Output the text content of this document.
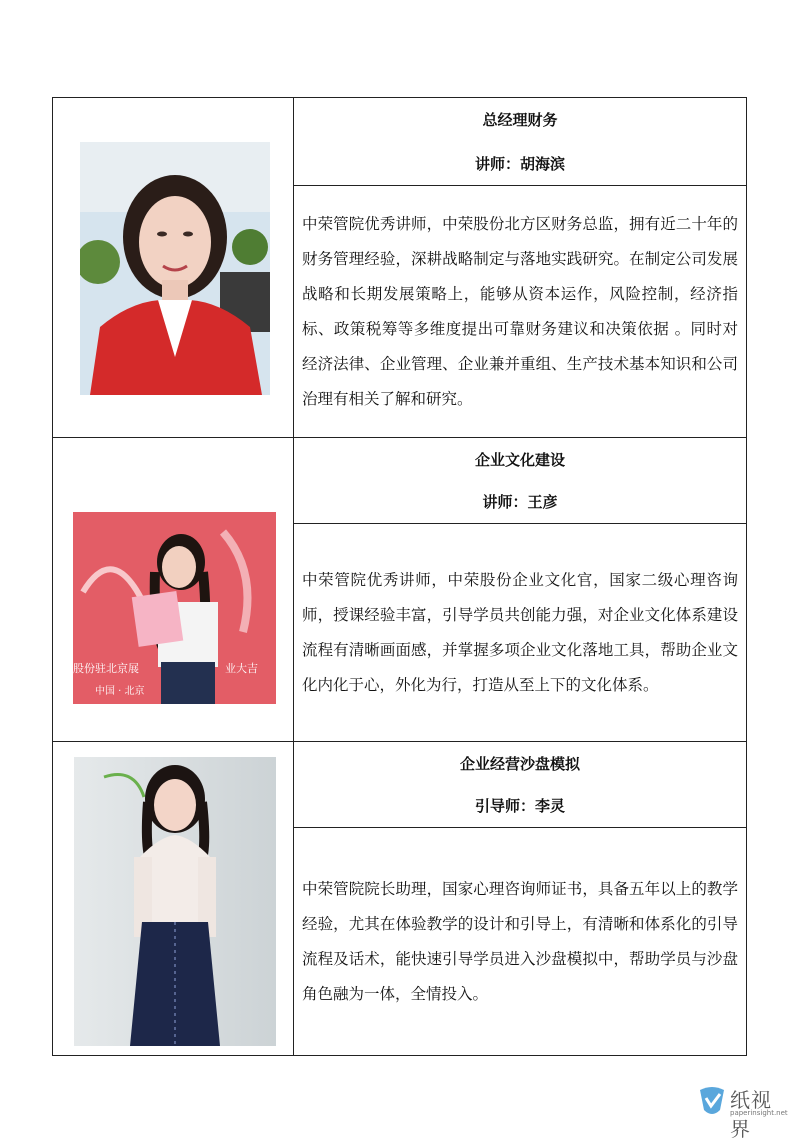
总经理财务
讲师：胡海滨
中荣管院优秀讲师，中荣股份北方区财务总监，拥有近二十年的财务管理经验，深耕战略制定与落地实践研究。在制定公司发展战略和长期发展策略上，能够从资本运作，风险控制，经济指标、政策税筹等多维度提出可靠财务建议和决策依据 。同时对经济法律、企业管理、企业兼并重组、生产技术基本知识和公司治理有相关了解和研究。
股份驻北京展	业大吉
中国 · 北京
企业文化建设
讲师：王彦
中荣管院优秀讲师，中荣股份企业文化官，国家二级心理咨询师，授课经验丰富，引导学员共创能力强，对企业文化体系建设流程有清晰画面感，并掌握多项企业文化落地工具，帮助企业文化内化于心，外化为行，打造从至上下的文化体系。
企业经营沙盘模拟
引导师：李灵
中荣管院院长助理，国家心理咨询师证书，具备五年以上的教学经验，尤其在体验教学的设计和引导上，有清晰和体系化的引导流程及话术，能快速引导学员进入沙盘模拟中，帮助学员与沙盘角色融为一体，全情投入。
纸视界
paperinsight.net
